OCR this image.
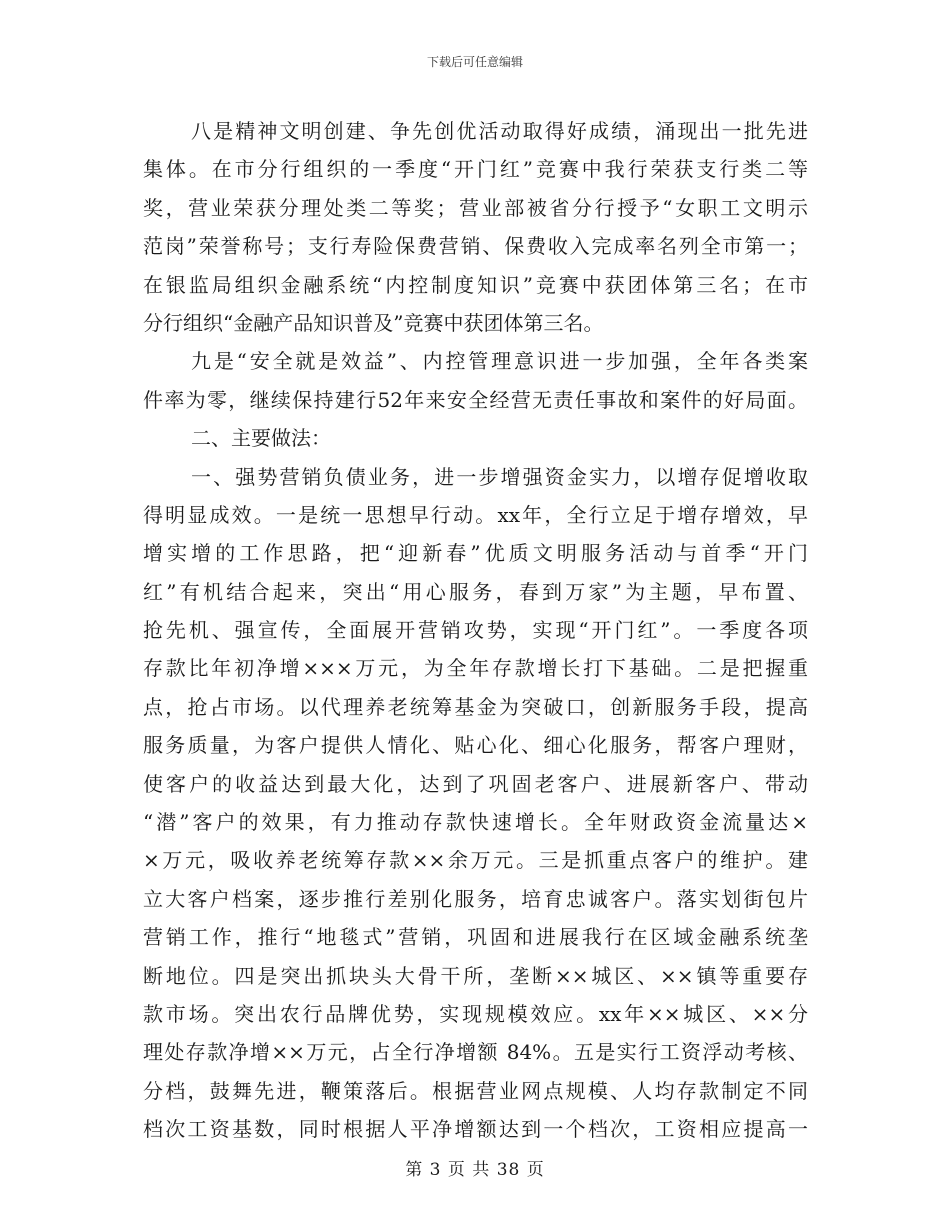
下载后可任意编辑
八是精神文明创建、争先创优活动取得好成绩，涌现出一批先进
集体。在市分行组织的一季度“开门红”竞赛中我行荣获支行类二等
奖，营业荣获分理处类二等奖；营业部被省分行授予“女职工文明示
范岗”荣誉称号；支行寿险保费营销、保费收入完成率名列全市第一；
在银监局组织金融系统“内控制度知识”竞赛中获团体第三名；在市
分行组织“金融产品知识普及”竞赛中获团体第三名。
九是“安全就是效益”、内控管理意识进一步加强，全年各类案
件率为零，继续保持建行52年来安全经营无责任事故和案件的好局面。
二、主要做法：
一、强势营销负债业务，进一步增强资金实力，以增存促增收取
得明显成效。一是统一思想早行动。xx年，全行立足于增存增效，早
增实增的工作思路，把“迎新春”优质文明服务活动与首季“开门
红”有机结合起来，突出“用心服务，春到万家”为主题，早布置、
抢先机、强宣传，全面展开营销攻势，实现“开门红”。一季度各项
存款比年初净增×××万元，为全年存款增长打下基础。二是把握重
点，抢占市场。以代理养老统筹基金为突破口，创新服务手段，提高
服务质量，为客户提供人情化、贴心化、细心化服务，帮客户理财，
使客户的收益达到最大化，达到了巩固老客户、进展新客户、带动
“潜”客户的效果，有力推动存款快速增长。全年财政资金流量达×
×万元，吸收养老统筹存款××余万元。三是抓重点客户的维护。建
立大客户档案，逐步推行差别化服务，培育忠诚客户。落实划街包片
营销工作，推行“地毯式”营销，巩固和进展我行在区域金融系统垄
断地位。四是突出抓块头大骨干所，垄断××城区、××镇等重要存
款市场。突出农行品牌优势，实现规模效应。xx年××城区、××分
理处存款净增××万元，占全行净增额 84%。五是实行工资浮动考核、
分档，鼓舞先进，鞭策落后。根据营业网点规模、人均存款制定不同
档次工资基数，同时根据人平净增额达到一个档次，工资相应提高一
第 3 页 共 38 页
